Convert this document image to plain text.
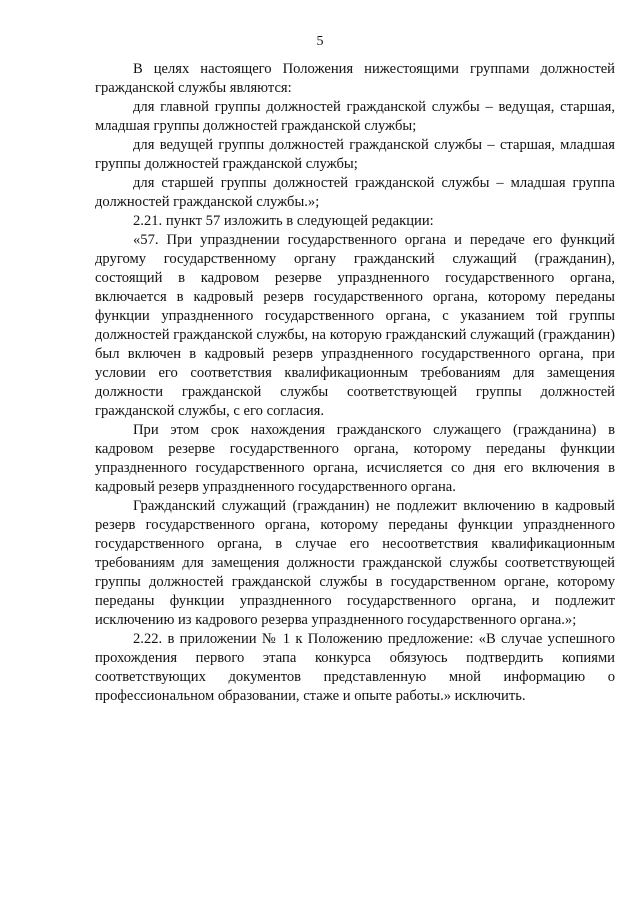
5

В целях настоящего Положения нижестоящими группами должностей гражданской службы являются:

для главной группы должностей гражданской службы – ведущая, старшая, младшая группы должностей гражданской службы;

для ведущей группы должностей гражданской службы – старшая, младшая группы должностей гражданской службы;

для старшей группы должностей гражданской службы – младшая группа должностей гражданской службы.»;

2.21. пункт 57 изложить в следующей редакции:

«57. При упразднении государственного органа и передаче его функций другому государственному органу гражданский служащий (гражданин), состоящий в кадровом резерве упраздненного государственного органа, включается в кадровый резерв государственного органа, которому переданы функции упраздненного государственного органа, с указанием той группы должностей гражданской службы, на которую гражданский служащий (гражданин) был включен в кадровый резерв упраздненного государственного органа, при условии его соответствия квалификационным требованиям для замещения должности гражданской службы соответствующей группы должностей гражданской службы, с его согласия.

При этом срок нахождения гражданского служащего (гражданина) в кадровом резерве государственного органа, которому переданы функции упраздненного государственного органа, исчисляется со дня его включения в кадровый резерв упраздненного государственного органа.

Гражданский служащий (гражданин) не подлежит включению в кадровый резерв государственного органа, которому переданы функции упраздненного государственного органа, в случае его несоответствия квалификационным требованиям для замещения должности гражданской службы соответствующей группы должностей гражданской службы в государственном органе, которому переданы функции упраздненного государственного органа, и подлежит исключению из кадрового резерва упраздненного государственного органа.»;

2.22. в приложении № 1 к Положению предложение: «В случае успешного прохождения первого этапа конкурса обязуюсь подтвердить копиями соответствующих документов представленную мной информацию о профессиональном образовании, стаже и опыте работы.» исключить.
